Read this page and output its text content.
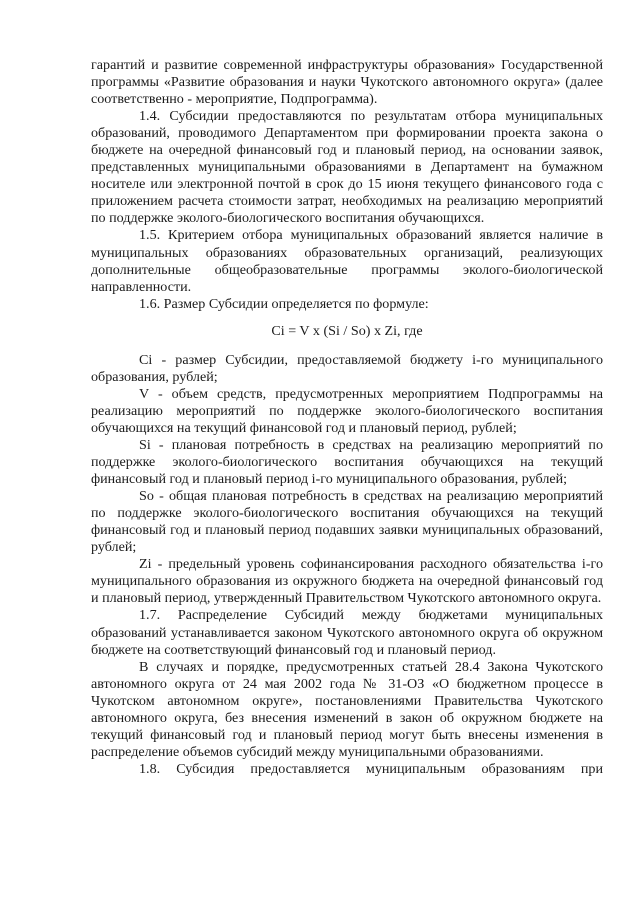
гарантий и развитие современной инфраструктуры образования» Государственной программы «Развитие образования и науки Чукотского автономного округа» (далее соответственно - мероприятие, Подпрограмма).

1.4. Субсидии предоставляются по результатам отбора муниципальных образований, проводимого Департаментом при формировании проекта закона о бюджете на очередной финансовый год и плановый период, на основании заявок, представленных муниципальными образованиями в Департамент на бумажном носителе или электронной почтой в срок до 15 июня текущего финансового года с приложением расчета стоимости затрат, необходимых на реализацию мероприятий по поддержке эколого-биологического воспитания обучающихся.

1.5. Критерием отбора муниципальных образований является наличие в муниципальных образованиях образовательных организаций, реализующих дополнительные общеобразовательные программы эколого-биологической направленности.

1.6. Размер Субсидии определяется по формуле:

Ci = V x (Si / So) x Zi, где

Ci - размер Субсидии, предоставляемой бюджету i-го муниципального образования, рублей;

V - объем средств, предусмотренных мероприятием Подпрограммы на реализацию мероприятий по поддержке эколого-биологического воспитания обучающихся на текущий финансовой год и плановый период, рублей;

Si - плановая потребность в средствах на реализацию мероприятий по поддержке эколого-биологического воспитания обучающихся на текущий финансовый год и плановый период i-го муниципального образования, рублей;

So - общая плановая потребность в средствах на реализацию мероприятий по поддержке эколого-биологического воспитания обучающихся на текущий финансовый год и плановый период подавших заявки муниципальных образований, рублей;

Zi - предельный уровень софинансирования расходного обязательства i-го муниципального образования из окружного бюджета на очередной финансовый год и плановый период, утвержденный Правительством Чукотского автономного округа.

1.7. Распределение Субсидий между бюджетами муниципальных образований устанавливается законом Чукотского автономного округа об окружном бюджете на соответствующий финансовый год и плановый период.

В случаях и порядке, предусмотренных статьей 28.4 Закона Чукотского автономного округа от 24 мая 2002 года № 31-ОЗ «О бюджетном процессе в Чукотском автономном округе», постановлениями Правительства Чукотского автономного округа, без внесения изменений в закон об окружном бюджете на текущий финансовый год и плановый период могут быть внесены изменения в распределение объемов субсидий между муниципальными образованиями.

1.8. Субсидия предоставляется муниципальным образованиям при
